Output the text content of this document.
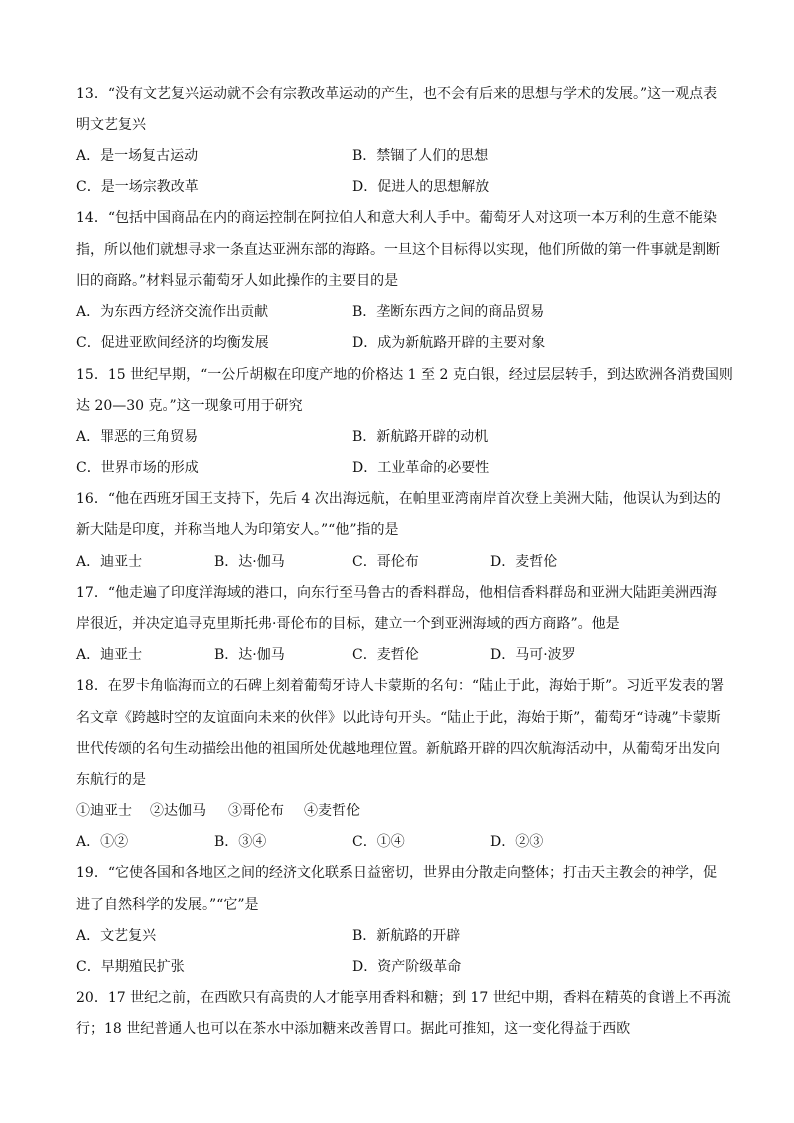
13．“没有文艺复兴运动就不会有宗教改革运动的产生，也不会有后来的思想与学术的发展。”这一观点表
明文艺复兴
A．是一场复古运动	B．禁锢了人们的思想
C．是一场宗教改革	D．促进人的思想解放
14．“包括中国商品在内的商运控制在阿拉伯人和意大利人手中。葡萄牙人对这项一本万利的生意不能染
指，所以他们就想寻求一条直达亚洲东部的海路。一旦这个目标得以实现，他们所做的第一件事就是割断
旧的商路。”材料显示葡萄牙人如此操作的主要目的是
A．为东西方经济交流作出贡献	B．垄断东西方之间的商品贸易
C．促进亚欧间经济的均衡发展	D．成为新航路开辟的主要对象
15．15 世纪早期，“一公斤胡椒在印度产地的价格达 1 至 2 克白银，经过层层转手，到达欧洲各消费国则
达 20—30 克。”这一现象可用于研究
A．罪恶的三角贸易	B．新航路开辟的动机
C．世界市场的形成	D．工业革命的必要性
16．“他在西班牙国王支持下，先后 4 次出海远航，在帕里亚湾南岸首次登上美洲大陆，他误认为到达的
新大陆是印度，并称当地人为印第安人。”“他”指的是
A．迪亚士	B．达·伽马	C．哥伦布	D．麦哲伦
17．“他走遍了印度洋海域的港口，向东行至马鲁古的香料群岛，他相信香料群岛和亚洲大陆距美洲西海
岸很近，并决定追寻克里斯托弗·哥伦布的目标，建立一个到亚洲海域的西方商路”。他是
A．迪亚士	B．达·伽马	C．麦哲伦	D．马可·波罗
18．在罗卡角临海而立的石碑上刻着葡萄牙诗人卡蒙斯的名句：“陆止于此，海始于斯”。习近平发表的署
名文章《跨越时空的友谊面向未来的伙伴》以此诗句开头。“陆止于此，海始于斯”，葡萄牙“诗魂”卡蒙斯
世代传颂的名句生动描绘出他的祖国所处优越地理位置。新航路开辟的四次航海活动中，从葡萄牙出发向
东航行的是
①迪亚士 ②达伽马 ③哥伦布 ④麦哲伦
A．①②	B．③④	C．①④	D．②③
19．“它使各国和各地区之间的经济文化联系日益密切，世界由分散走向整体；打击天主教会的神学，促
进了自然科学的发展。”“它”是
A．文艺复兴	B．新航路的开辟
C．早期殖民扩张	D．资产阶级革命
20．17 世纪之前，在西欧只有高贵的人才能享用香料和糖；到 17 世纪中期，香料在精英的食谱上不再流
行；18 世纪普通人也可以在茶水中添加糖来改善胃口。据此可推知，这一变化得益于西欧
